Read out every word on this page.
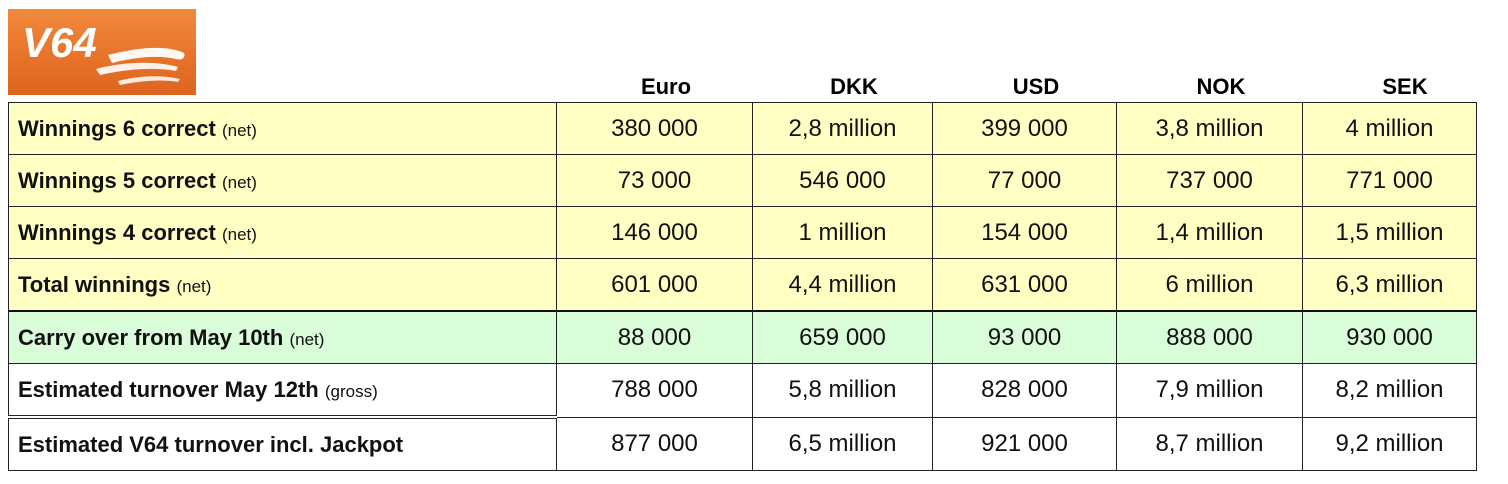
V64
Euro	DKK	USD	NOK	SEK
Winnings 6 correct (net)	380 000	2,8 million	399 000	3,8 million	4 million
Winnings 5 correct (net)	73 000	546 000	77 000	737 000	771 000
Winnings 4 correct (net)	146 000	1 million	154 000	1,4 million	1,5 million
Total winnings (net)	601 000	4,4 million	631 000	6 million	6,3 million
Carry over from May 10th (net)	88 000	659 000	93 000	888 000	930 000
Estimated turnover May 12th (gross)	788 000	5,8 million	828 000	7,9 million	8,2 million
Estimated V64 turnover incl. Jackpot	877 000	6,5 million	921 000	8,7 million	9,2 million
